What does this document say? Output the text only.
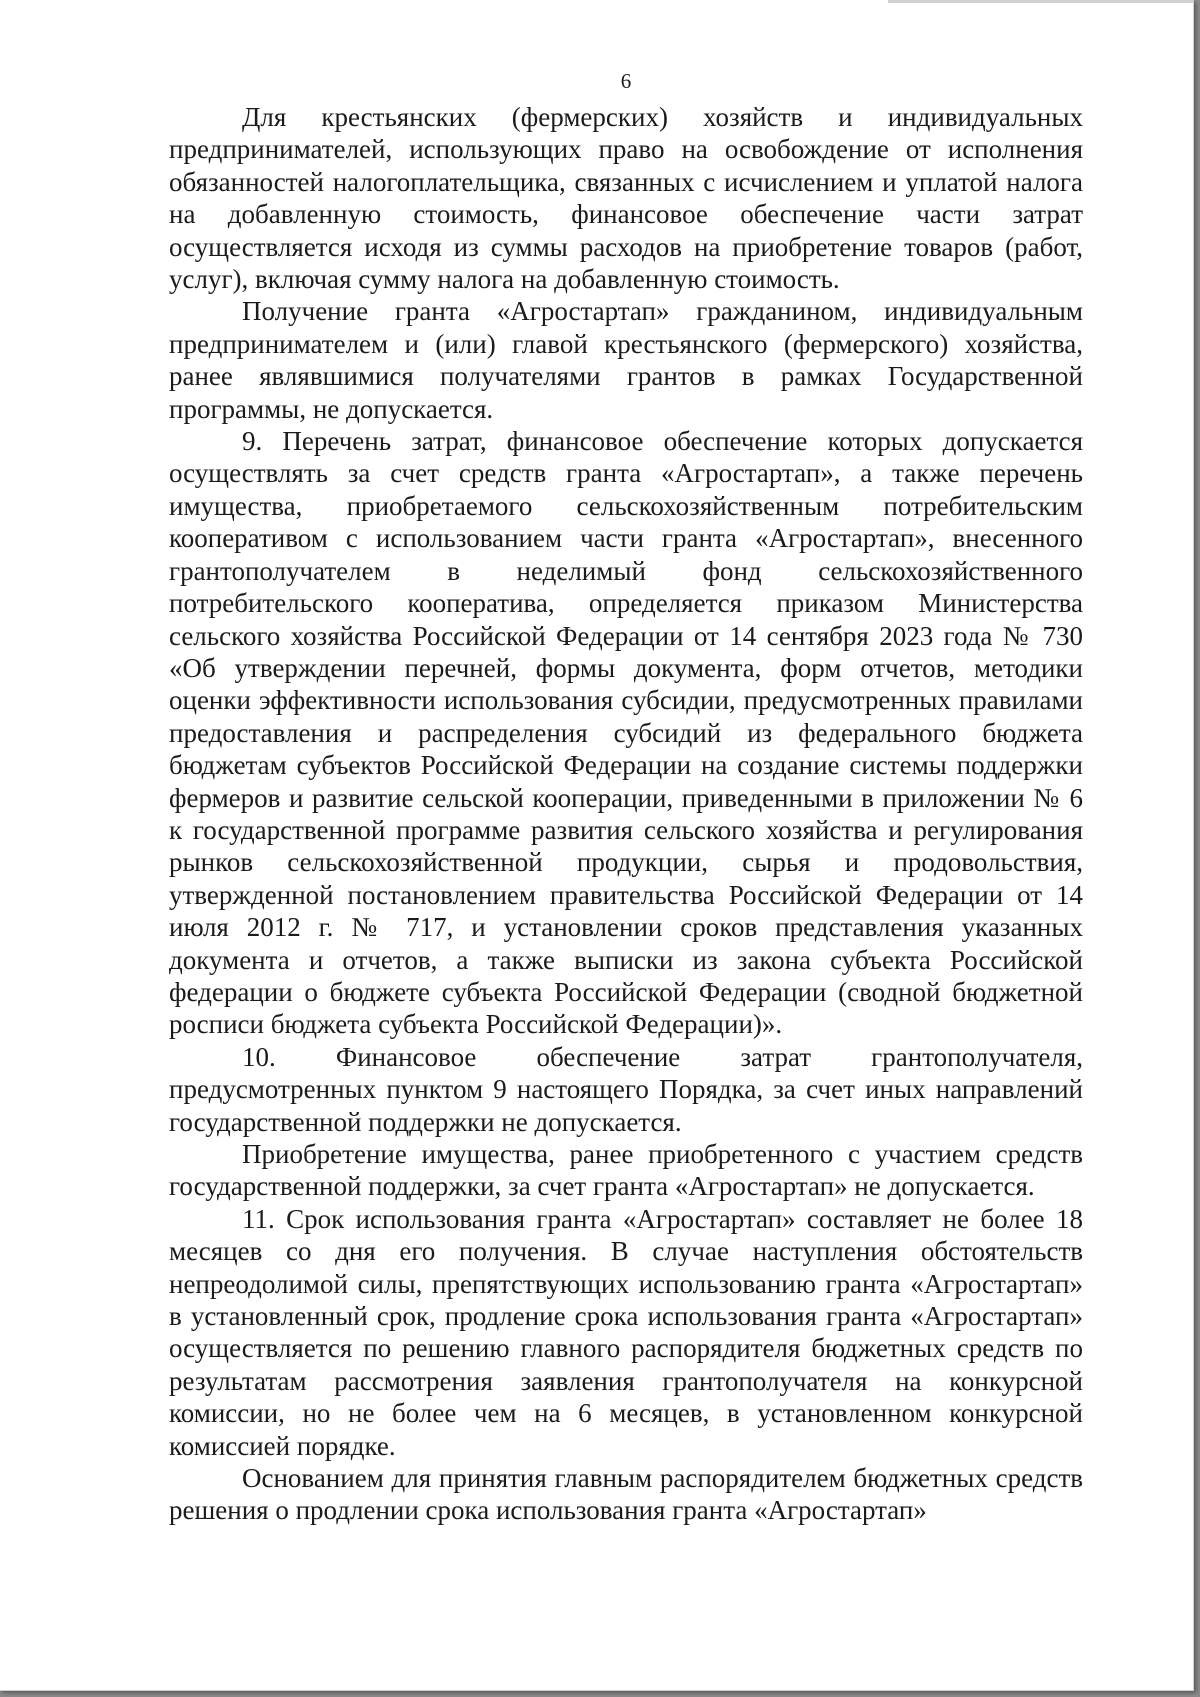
6

Для крестьянских (фермерских) хозяйств и индивидуальных предпринимателей, использующих право на освобождение от исполнения обязанностей налогоплательщика, связанных с исчислением и уплатой налога на добавленную стоимость, финансовое обеспечение части затрат осуществляется исходя из суммы расходов на приобретение товаров (работ, услуг), включая сумму налога на добавленную стоимость.

Получение гранта «Агростартап» гражданином, индивидуальным предпринимателем и (или) главой крестьянского (фермерского) хозяйства, ранее являвшимися получателями грантов в рамках Государственной программы, не допускается.

9. Перечень затрат, финансовое обеспечение которых допускается осуществлять за счет средств гранта «Агростартап», а также перечень имущества, приобретаемого сельскохозяйственным потребительским кооперативом с использованием части гранта «Агростартап», внесенного грантополучателем в неделимый фонд сельскохозяйственного потребительского кооператива, определяется приказом Министерства сельского хозяйства Российской Федерации от 14 сентября 2023 года № 730 «Об утверждении перечней, формы документа, форм отчетов, методики оценки эффективности использования субсидии, предусмотренных правилами предоставления и распределения субсидий из федерального бюджета бюджетам субъектов Российской Федерации на создание системы поддержки фермеров и развитие сельской кооперации, приведенными в приложении № 6 к государственной программе развития сельского хозяйства и регулирования рынков сельскохозяйственной продукции, сырья и продовольствия, утвержденной постановлением правительства Российской Федерации от 14 июля 2012 г. № 717, и установлении сроков представления указанных документа и отчетов, а также выписки из закона субъекта Российской федерации о бюджете субъекта Российской Федерации (сводной бюджетной росписи бюджета субъекта Российской Федерации)».

10. Финансовое обеспечение затрат грантополучателя, предусмотренных пунктом 9 настоящего Порядка, за счет иных направлений государственной поддержки не допускается.

Приобретение имущества, ранее приобретенного с участием средств государственной поддержки, за счет гранта «Агростартап» не допускается.

11. Срок использования гранта «Агростартап» составляет не более 18 месяцев со дня его получения. В случае наступления обстоятельств непреодолимой силы, препятствующих использованию гранта «Агростартап» в установленный срок, продление срока использования гранта «Агростартап» осуществляется по решению главного распорядителя бюджетных средств по результатам рассмотрения заявления грантополучателя на конкурсной комиссии, но не более чем на 6 месяцев, в установленном конкурсной комиссией порядке.

Основанием для принятия главным распорядителем бюджетных средств решения о продлении срока использования гранта «Агростартап»
